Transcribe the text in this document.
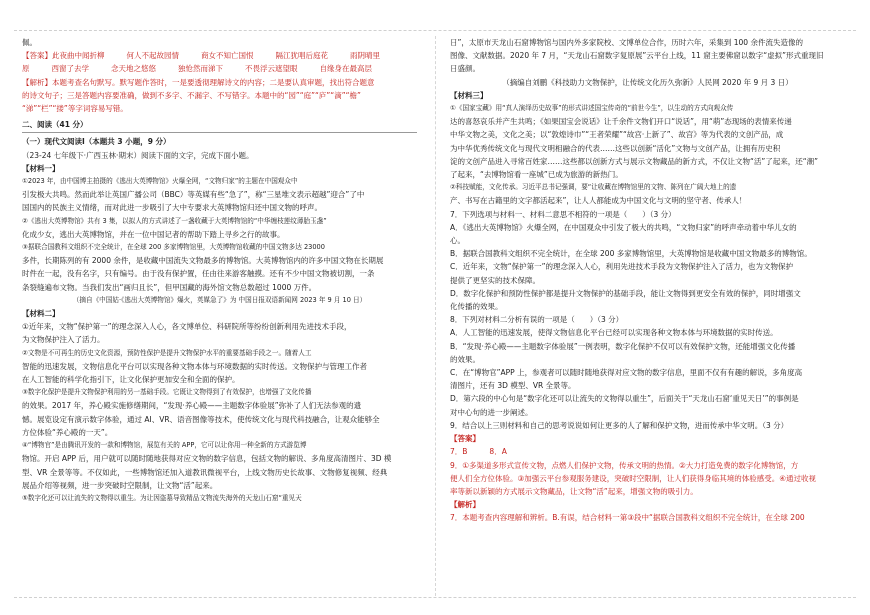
佩。

【答案】此夜曲中闻折柳	何人不起故园情	商女不知亡国恨	隔江犹唱后庭花	雨阴晴里

原	西窗了去学	念天地之悠悠	独怆然而涕下	不畏浮云遮望眼	自缘身在最高层

【解析】本题考查名句默写。默写题作答时，一是要透彻理解诗文的内容；二是要认真审题，找出符合题意

的诗文句子；三是答题内容要准确，做到不多字、不漏字、不写错字。本题中的“园”“庭”“庐”“滴”“檐”

“涕”“栏”“搂”等字词容易写错。

二、阅读（41 分）

（一）现代文阅读Ⅰ（本题共 3 小题，9 分）

（23-24 七年级下·广西玉林·期末）阅读下面的文字，完成下面小题。

【材料一】

①2023 年，由中国博主拍摄的《逃出大英博物馆》火爆全网，“文物归家”的主题在中国观众中

引发极大共鸣。然而此举让英国广播公司（BBC）等英媒有些“急了”，称“三星堆文表示超越”迎合”了中

国国内的民族主义情绪，而对此进一步吸引了大中专要求大英博物馆归还中国文物的呼声。

②《逃出大英博物馆》共有 3 集，以拟人的方式讲述了一盏收藏于大英博物馆的“中华缠枝莲纹薄胎玉盏”

化成少女，逃出大英博物馆，并在一位中国记者的帮助下踏上寻乡之行的故事。

③据联合国教科文组织不完全统计，在全球 200 多家博物馆里，大英博物馆收藏的中国文物多达 23000

多件，长期陈列的有 2000 余件，是收藏中国流失文物最多的博物馆。大英博物馆内的许多中国文物在长期展

时件在一起，没有名字，只有编号。由于没有保护置，任由往来游客触摸。还有不少中国文物被切割，一条

条裂缝遍布文物。当我们发出“画归且长”，但甲国藏的海外馆文物总数超过 1000 万件。

（摘自《中国姑·《逃出大英博物馆》爆火，英媒急了》为 中国日报双语新闻网 2023 年 9 月 10 日）

【材料二】

①近年来，文物“保护第一”的理念深入人心，各文博单位、科研院所等纷纷创新利用先进技术手段，

为文物保护注入了活力。

②文物是不可再生的历史文化资源，预防性保护是提升文物保护水平的重要基础手段之一。随着人工

智能的迅速发展，文物信息化平台可以实现各种文物本体与环境数据的实时传送。文物保护与管理工作者

在人工智能的科学化指引下，让文化保护更加安全和全面的保护。

③数字化保护是提升文物保护利用的另一基础手段。它既让文物得到了有效保护，也增强了文化传播

的效果。2017 年，养心殿实施修缮期间，“发现·养心殿——主题数字体验展”弥补了人们无法参观的遗

憾。展览设定有演示数字体验，通过 AI、VR、语音图像等技术，使传统文化与现代科技融合，让观众能够全

方位体验“养心殿的一天”。

④“博物官”是由腾讯开发的一款和博物馆，展览有关的 APP，它可以让你用一种全新的方式游览博

物馆。开启 APP 后，用户就可以随时随地获得对应文物的数字信息，包括文物的解说、多角度高清图片、3D 模

型、VR 全景等等。不仅如此，一些博物馆还加入道教讯微视平台，上线文物历史长故事、文物修复视频、经典

展品介绍等视频，进一步突破时空限制，让文物“活”起来。

⑤数字化还可以让流失的文物得以重生。为让因盗墓导致精品文物流失海外的天龙山石窟“重见天

日”，太原市天龙山石窟博物馆与国内外多家院校、文博单位合作，历时六年，采集到 100 余件流失造像的

图像、文献数据。2020 年 7 月，“天龙山石窟数字复原展”云平台上线，11 窟主要佛窟以数字“虚拟”形式重现旧

日盛颜。

（摘编自刘鹏《科技助力文物保护，让传统文化历久弥新》人民网 2020 年 9 月 3 日）

【材料三】

①《国家宝藏》用“真人演绎历史故事”的形式讲述国宝传奇的“前世今生”，以生动的方式向观众传

达的喜怒哀乐并产生共鸣；《如果国宝会说话》让千余件文物们开口“说话”，用“萌”态现场的表情来传递

中华文物之美，文化之美；以“敦煌诗巾”“王者荣耀”“故宫·上新了”、故宫》等为代表的文创产品，成

为中华优秀传统文化与现代文明相融合的代表……这些以创新“活化”文物与文创产品，让拥有历史积

淀的文创产品进入寻常百姓家……这些都以创新方式与展示文物藏品的新方式，不仅让文物“活”了起来，还“潮”

了起来，“去博物馆看一座城”已成为旅游的新热门。

②科技赋能，文化传承。习近平总书记强调，要“让收藏在博物馆里的文物、陈列在广阔大地上的遗

产、书写在古籍里的文字都活起来”，让人人都能成为中国文化与文明的坚守者、传承人！

7．下列选项与材料一、材料二意思不相符的一项是（　　）（3 分）

A．《逃出大英博物馆》火爆全网，在中国观众中引发了极大的共鸣，“文物归家”的呼声牵动着中华儿女的

心。

B．据联合国教科文组织不完全统计，在全球 200 多家博物馆里，大英博物馆是收藏中国文物最多的博物馆。

C．近年来，文物“保护第一”的理念深入人心，利用先进技术手段为文物保护注入了活力，也为文物保护

提供了更坚实的技术保障。

D．数字化保护和预防性保护都是提升文物保护的基础手段，能让文物得到更安全有效的保护，同时增强文

化传播的效果。

8．下列对材料二分析有误的一项是（　　）（3 分）

A．人工智能的迅速发展，使得文物信息化平台已经可以实现各种文物本体与环境数据的实时传送。

B．“发现·养心殿——主题数字体验展”一例表明，数字化保护不仅可以有效保护文物，还能增强文化传播

的效果。

C．在“博物官”APP 上，参观者可以随时随地获得对应文物的数字信息，里面不仅有有趣的解说，多角度高

清图片，还有 3D 模型、VR 全景等。

D．第六段的中心句是“数字化还可以让流失的文物得以重生”，后面关于“天龙山石窟‘重见天日’”的事例是

对中心句的进一步阐述。

9．结合以上三则材料和自己的思考说说如何让更多的人了解和保护文物，进而传承中华文明。（3 分）

【答案】

7．B	8．A

9．①多渠道多形式宣传文物，点燃人们保护文物，传承文明的热情。②大力打造免费的数字化博物馆，方

便人们全方位体验。③加强云平台参观服务建设，突破时空限制，让人们获得身临其境的体验感受。④通过收视

率等新以新颖的方式展示文物藏品，让文物“活”起来，增强文物的吸引力。

【解析】

7．本题考查内容理解和辨析。B.有误，结合材料一第③段中“据联合国教科文组织不完全统计，在全球 200
